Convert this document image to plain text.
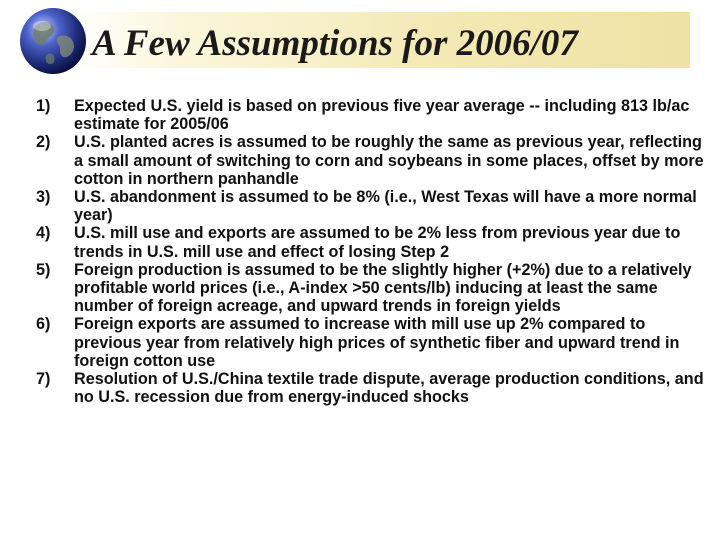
A Few Assumptions for 2006/07
1)	Expected U.S. yield is based on previous five year average -- including 813 lb/ac estimate for 2005/06
2)	U.S. planted acres is assumed to be roughly the same as previous year, reflecting a small amount of switching to corn and soybeans in some places, offset by more cotton in northern panhandle
3)	U.S. abandonment is assumed to be 8% (i.e., West Texas will have a more normal year)
4)	U.S. mill use and exports are assumed to be 2% less from previous year due to trends in U.S. mill use and effect of losing Step 2
5)	Foreign production is assumed to be the slightly higher (+2%) due to a relatively profitable world prices (i.e., A-index >50 cents/lb) inducing at least the same number of foreign acreage, and upward trends in foreign yields
6)	Foreign exports are assumed to increase with mill use up 2% compared to previous year from relatively high prices of synthetic fiber and upward trend in foreign cotton use
7)	Resolution of U.S./China textile trade dispute, average production conditions, and no U.S. recession due from energy-induced shocks
